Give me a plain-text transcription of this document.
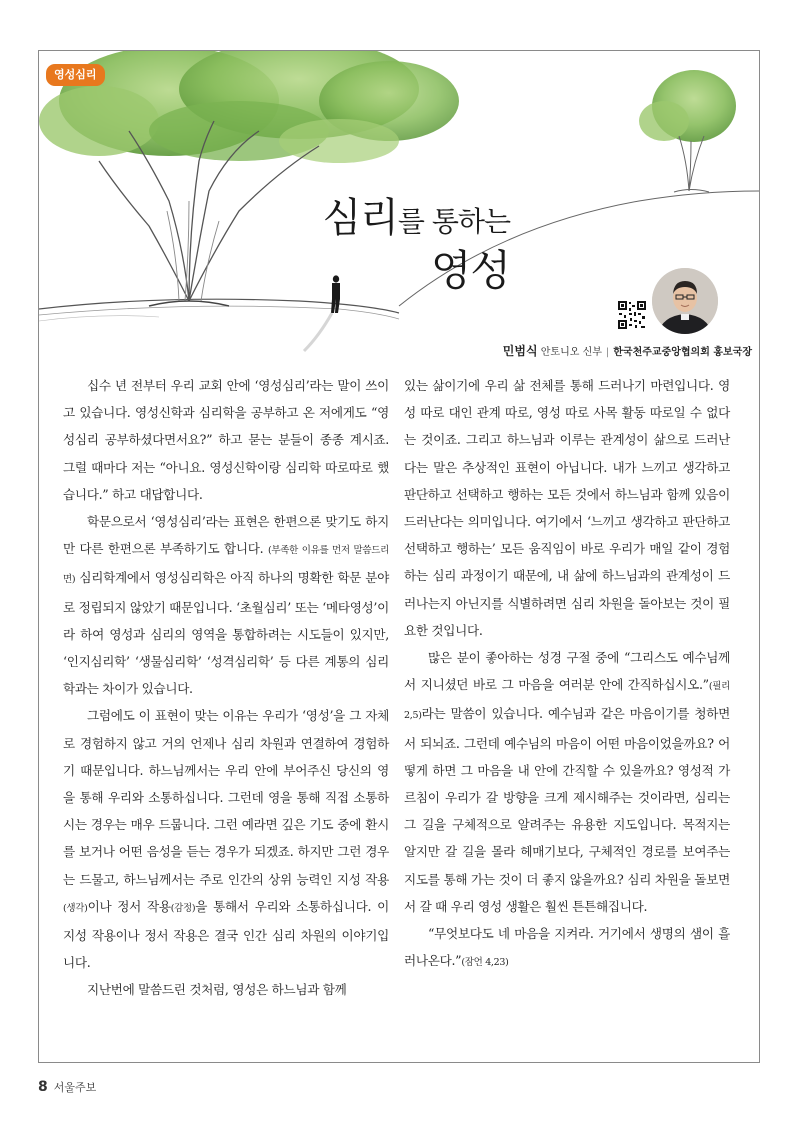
영성심리
심리를 통하는
영성
민범식 안토니오 신부 | 한국천주교중앙협의회 홍보국장

십수 년 전부터 우리 교회 안에 ‘영성심리’라는 말이 쓰이고 있습니다. 영성신학과 심리학을 공부하고 온 저에게도 “영성심리 공부하셨다면서요?” 하고 묻는 분들이 종종 계시죠. 그럴 때마다 저는 “아니요. 영성신학이랑 심리학 따로따로 했습니다.” 하고 대답합니다.

학문으로서 ‘영성심리’라는 표현은 한편으론 맞기도 하지만 다른 한편으론 부족하기도 합니다. (부족한 이유를 먼저 말씀드리면) 심리학계에서 영성심리학은 아직 하나의 명확한 학문 분야로 정립되지 않았기 때문입니다. ‘초월심리’ 또는 ‘메타영성’이라 하여 영성과 심리의 영역을 통합하려는 시도들이 있지만, ‘인지심리학’ ‘생물심리학’ ‘성격심리학’ 등 다른 계통의 심리학과는 차이가 있습니다.

그럼에도 이 표현이 맞는 이유는 우리가 ‘영성’을 그 자체로 경험하지 않고 거의 언제나 심리 차원과 연결하여 경험하기 때문입니다. 하느님께서는 우리 안에 부어주신 당신의 영을 통해 우리와 소통하십니다. 그런데 영을 통해 직접 소통하시는 경우는 매우 드뭅니다. 그런 예라면 깊은 기도 중에 환시를 보거나 어떤 음성을 듣는 경우가 되겠죠. 하지만 그런 경우는 드물고, 하느님께서는 주로 인간의 상위 능력인 지성 작용(생각)이나 정서 작용(감정)을 통해서 우리와 소통하십니다. 이 지성 작용이나 정서 작용은 결국 인간 심리 차원의 이야기입니다.

지난번에 말씀드린 것처럼, 영성은 하느님과 함께

있는 삶이기에 우리 삶 전체를 통해 드러나기 마련입니다. 영성 따로 대인 관계 따로, 영성 따로 사목 활동 따로일 수 없다는 것이죠. 그리고 하느님과 이루는 관계성이 삶으로 드러난다는 말은 추상적인 표현이 아닙니다. 내가 느끼고 생각하고 판단하고 선택하고 행하는 모든 것에서 하느님과 함께 있음이 드러난다는 의미입니다. 여기에서 ‘느끼고 생각하고 판단하고 선택하고 행하는’ 모든 움직임이 바로 우리가 매일 같이 경험하는 심리 과정이기 때문에, 내 삶에 하느님과의 관계성이 드러나는지 아닌지를 식별하려면 심리 차원을 돌아보는 것이 필요한 것입니다.

많은 분이 좋아하는 성경 구절 중에 “그리스도 예수님께서 지니셨던 바로 그 마음을 여러분 안에 간직하십시오.”(필리 2,5)라는 말씀이 있습니다. 예수님과 같은 마음이기를 청하면서 되뇌죠. 그런데 예수님의 마음이 어떤 마음이었을까요? 어떻게 하면 그 마음을 내 안에 간직할 수 있을까요? 영성적 가르침이 우리가 갈 방향을 크게 제시해주는 것이라면, 심리는 그 길을 구체적으로 알려주는 유용한 지도입니다. 목적지는 알지만 갈 길을 몰라 헤매기보다, 구체적인 경로를 보여주는 지도를 통해 가는 것이 더 좋지 않을까요? 심리 차원을 돌보면서 갈 때 우리 영성 생활은 훨씬 튼튼해집니다.

“무엇보다도 네 마음을 지켜라. 거기에서 생명의 샘이 흘러나온다.”(잠언 4,23)

8 서울주보
